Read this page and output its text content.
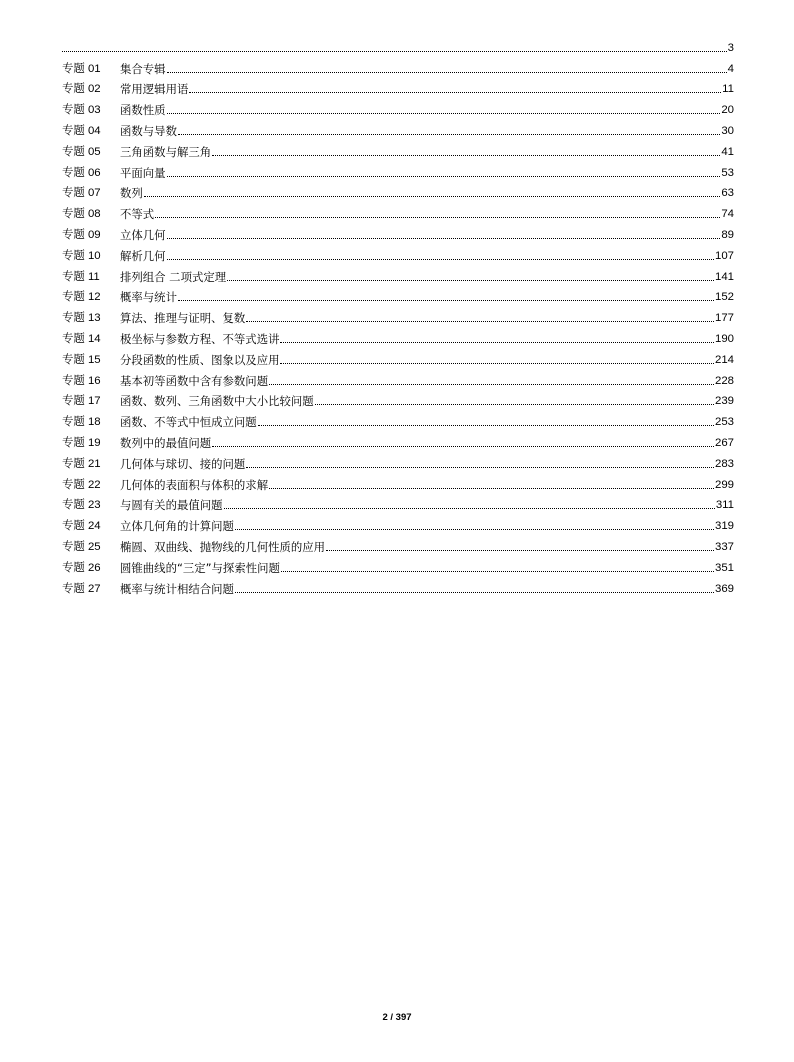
3
专题 01	集合专辑	4
专题 02	常用逻辑用语	11
专题 03	函数性质	20
专题 04	函数与导数	30
专题 05	三角函数与解三角	41
专题 06	平面向量	53
专题 07	数列	63
专题 08	不等式	74
专题 09	立体几何	89
专题 10	解析几何	107
专题 11	排列组合 二项式定理	141
专题 12	概率与统计	152
专题 13	算法、推理与证明、复数	177
专题 14	极坐标与参数方程、不等式选讲	190
专题 15	分段函数的性质、图象以及应用	214
专题 16	基本初等函数中含有参数问题	228
专题 17	函数、数列、三角函数中大小比较问题	239
专题 18	函数、不等式中恒成立问题	253
专题 19	数列中的最值问题	267
专题 21	几何体与球切、接的问题	283
专题 22	几何体的表面积与体积的求解	299
专题 23	与圆有关的最值问题	311
专题 24	立体几何角的计算问题	319
专题 25	椭圆、双曲线、抛物线的几何性质的应用	337
专题 26	圆锥曲线的“三定”与探索性问题	351
专题 27	概率与统计相结合问题	369
2 / 397
